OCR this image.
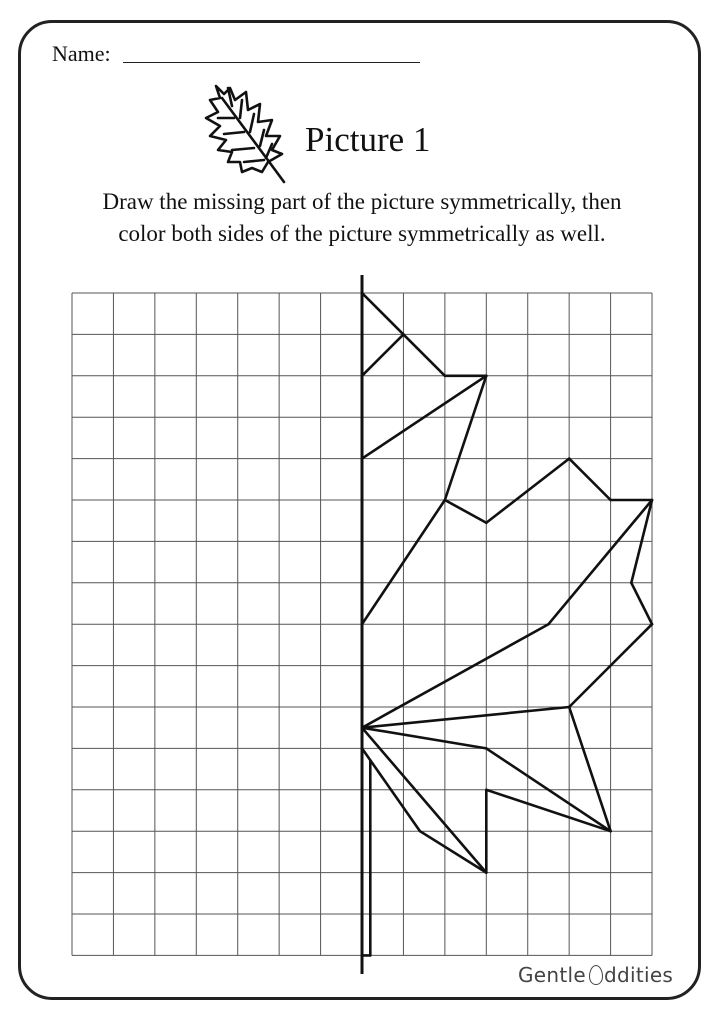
Name:
Picture 1
Draw the missing part of the picture symmetrically, then
color both sides of the picture symmetrically as well.
Gentle ddities
